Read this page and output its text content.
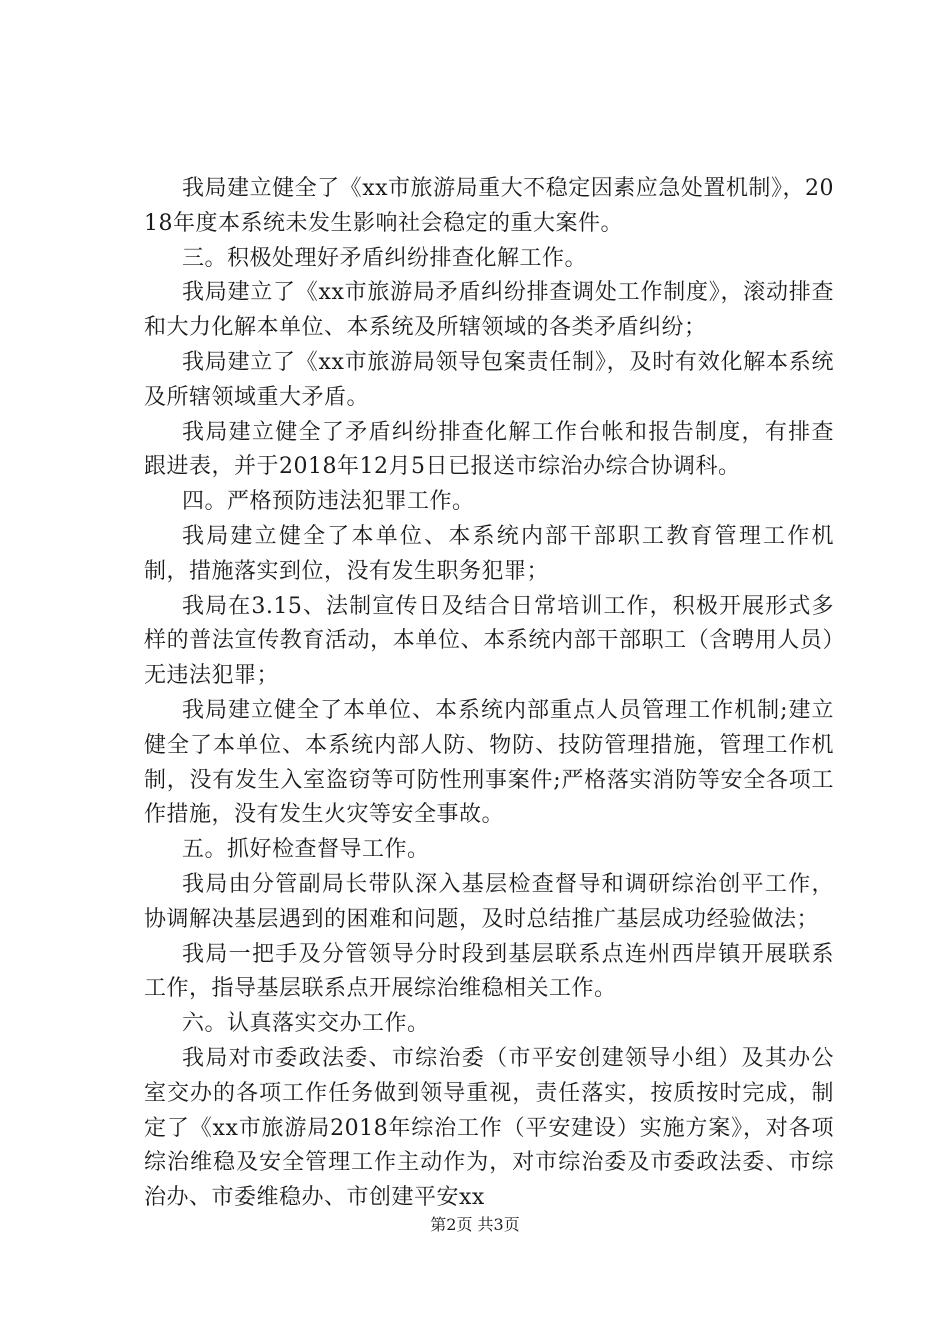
我局建立健全了《xx市旅游局重大不稳定因素应急处置机制》，2018年度本系统未发生影响社会稳定的重大案件。

三。积极处理好矛盾纠纷排查化解工作。

我局建立了《xx市旅游局矛盾纠纷排查调处工作制度》，滚动排查和大力化解本单位、本系统及所辖领域的各类矛盾纠纷；

我局建立了《xx市旅游局领导包案责任制》，及时有效化解本系统及所辖领域重大矛盾。

我局建立健全了矛盾纠纷排查化解工作台帐和报告制度，有排查跟进表，并于2018年12月5日已报送市综治办综合协调科。

四。严格预防违法犯罪工作。

我局建立健全了本单位、本系统内部干部职工教育管理工作机制，措施落实到位，没有发生职务犯罪；

我局在3.15、法制宣传日及结合日常培训工作，积极开展形式多样的普法宣传教育活动，本单位、本系统内部干部职工（含聘用人员）无违法犯罪；

我局建立健全了本单位、本系统内部重点人员管理工作机制;建立健全了本单位、本系统内部人防、物防、技防管理措施，管理工作机制，没有发生入室盗窃等可防性刑事案件;严格落实消防等安全各项工作措施，没有发生火灾等安全事故。

五。抓好检查督导工作。

我局由分管副局长带队深入基层检查督导和调研综治创平工作，协调解决基层遇到的困难和问题，及时总结推广基层成功经验做法；

我局一把手及分管领导分时段到基层联系点连州西岸镇开展联系工作，指导基层联系点开展综治维稳相关工作。

六。认真落实交办工作。

我局对市委政法委、市综治委（市平安创建领导小组）及其办公室交办的各项工作任务做到领导重视，责任落实，按质按时完成，制定了《xx市旅游局2018年综治工作（平安建设）实施方案》，对各项综治维稳及安全管理工作主动作为，对市综治委及市委政法委、市综治办、市委维稳办、市创建平安xx

第2页 共3页
